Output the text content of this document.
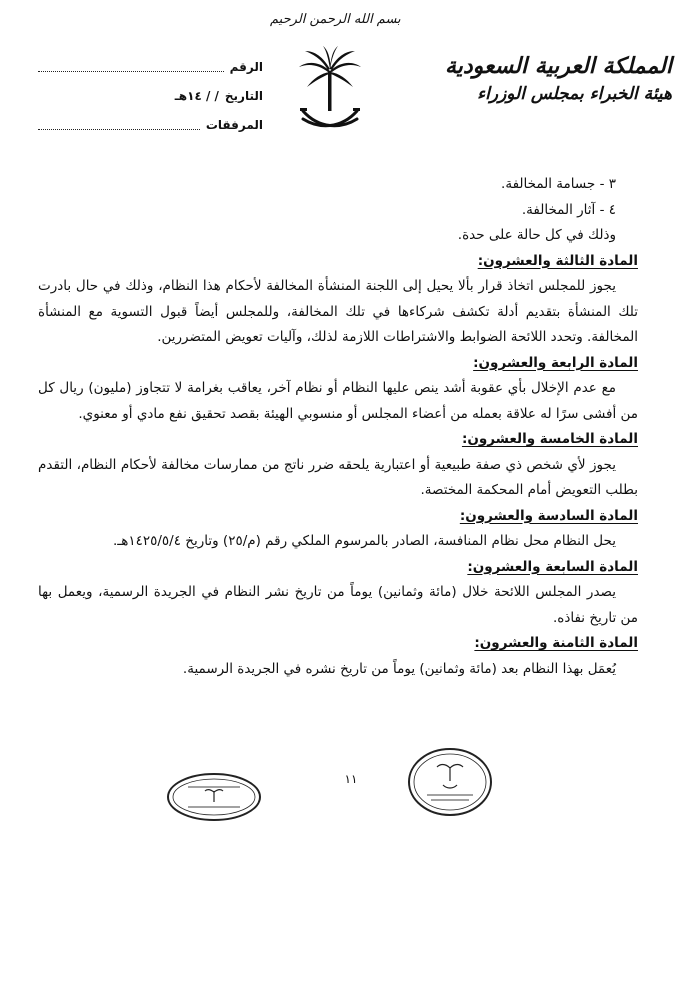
بسم الله الرحمن الرحيم
المملكة العربية السعودية
هيئة الخبراء بمجلس الوزراء
الرقم
التاريخ
/ / ١٤هـ
المرفقات

٣ - جسامة المخالفة.

٤ - آثار المخالفة.

وذلك في كل حالة على حدة.

المادة الثالثة والعشرون:

يجوز للمجلس اتخاذ قرار بألا يحيل إلى اللجنة المنشأة المخالفة لأحكام هذا النظام، وذلك في حال بادرت تلك المنشأة بتقديم أدلة تكشف شركاءها في تلك المخالفة، وللمجلس أيضاً قبول التسوية مع المنشأة المخالفة. وتحدد اللائحة الضوابط والاشتراطات اللازمة لذلك، وآليات تعويض المتضررين.

المادة الرابعة والعشرون:

مع عدم الإخلال بأي عقوبة أشد ينص عليها النظام أو نظام آخر، يعاقب بغرامة لا تتجاوز (مليون) ريال كل من أفشى سرًا له علاقة بعمله من أعضاء المجلس أو منسوبي الهيئة بقصد تحقيق نفع مادي أو معنوي.

المادة الخامسة والعشرون:

يجوز لأي شخص ذي صفة طبيعية أو اعتبارية يلحقه ضرر ناتج من ممارسات مخالفة لأحكام النظام، التقدم بطلب التعويض أمام المحكمة المختصة.

المادة السادسة والعشرون:

يحل النظام محل نظام المنافسة، الصادر بالمرسوم الملكي رقم (م/٢٥) وتاريخ ١٤٢٥/٥/٤هـ.

المادة السابعة والعشرون:

يصدر المجلس اللائحة خلال (مائة وثمانين) يوماً من تاريخ نشر النظام في الجريدة الرسمية، ويعمل بها من تاريخ نفاذه.

المادة الثامنة والعشرون:

يُعمَل بهذا النظام بعد (مائة وثمانين) يوماً من تاريخ نشره في الجريدة الرسمية.

١١
